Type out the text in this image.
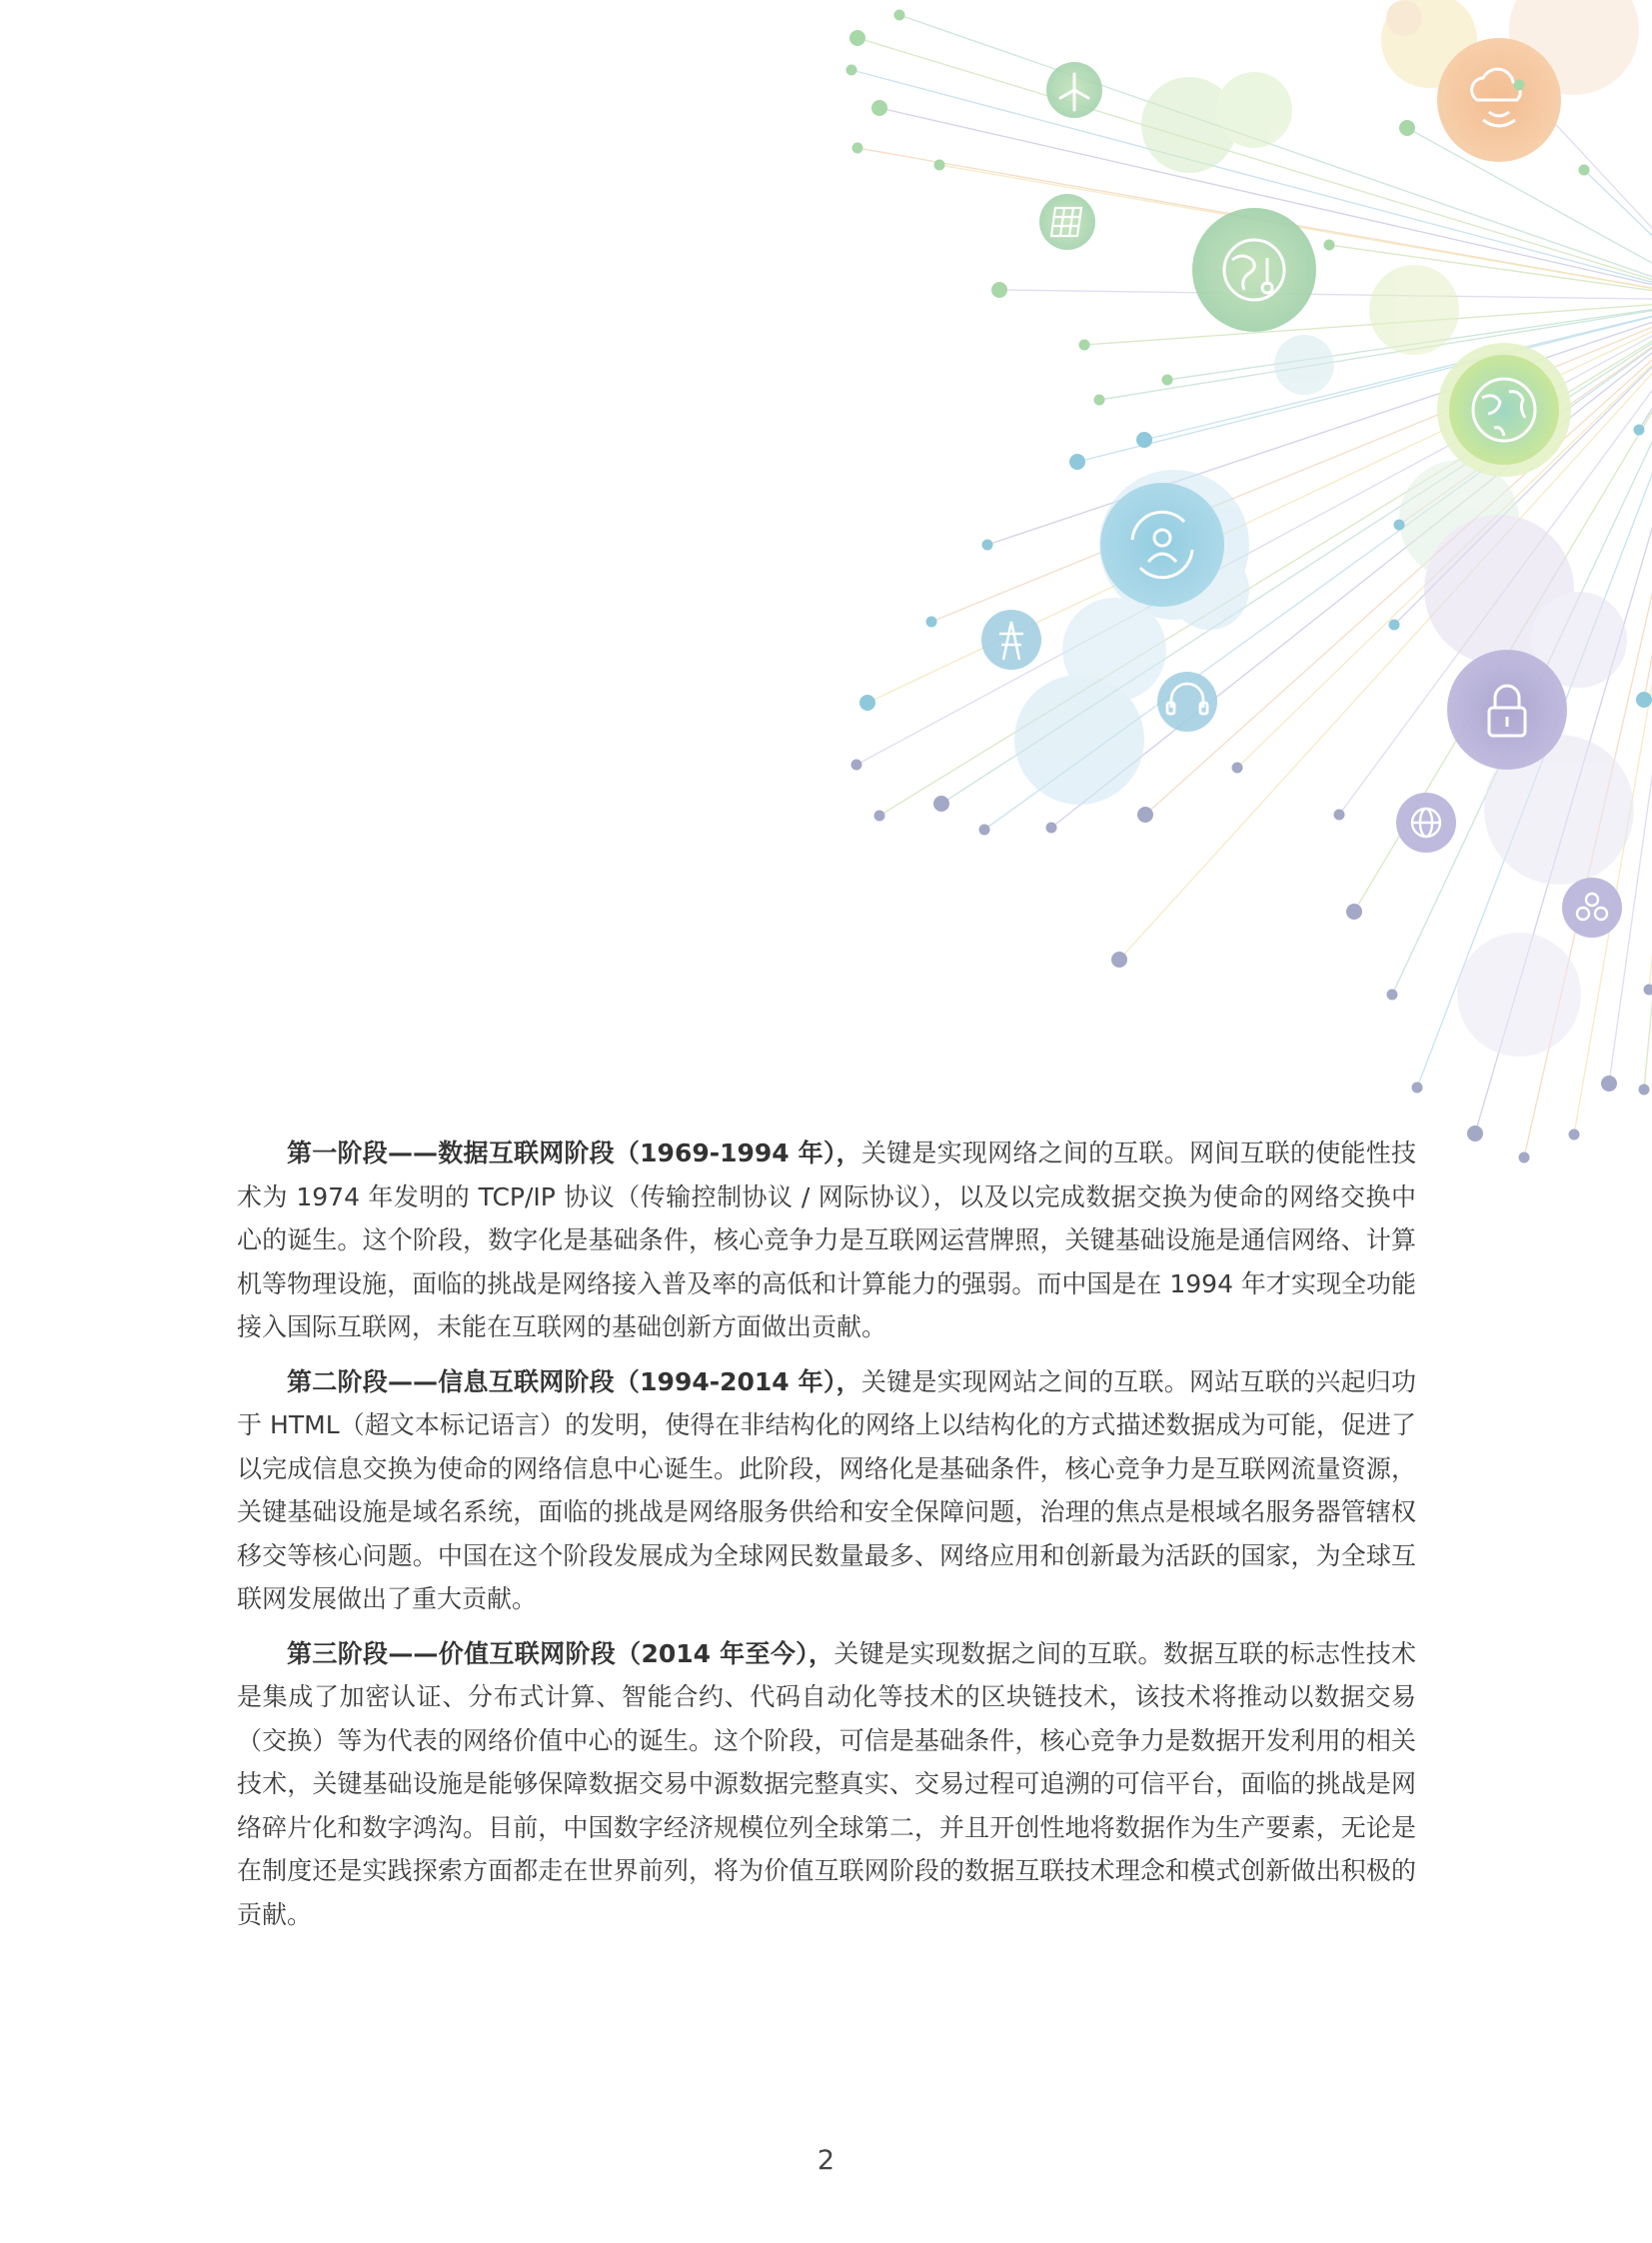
第一阶段——数据互联网阶段（1969-1994 年），关键是实现网络之间的互联。网间互联的使能性技术为 1974 年发明的 TCP/IP 协议（传输控制协议 / 网际协议），以及以完成数据交换为使命的网络交换中心的诞生。这个阶段，数字化是基础条件，核心竞争力是互联网运营牌照，关键基础设施是通信网络、计算机等物理设施，面临的挑战是网络接入普及率的高低和计算能力的强弱。而中国是在 1994 年才实现全功能接入国际互联网，未能在互联网的基础创新方面做出贡献。

第二阶段——信息互联网阶段（1994-2014 年），关键是实现网站之间的互联。网站互联的兴起归功于 HTML（超文本标记语言）的发明，使得在非结构化的网络上以结构化的方式描述数据成为可能，促进了以完成信息交换为使命的网络信息中心诞生。此阶段，网络化是基础条件，核心竞争力是互联网流量资源，关键基础设施是域名系统，面临的挑战是网络服务供给和安全保障问题，治理的焦点是根域名服务器管辖权移交等核心问题。中国在这个阶段发展成为全球网民数量最多、网络应用和创新最为活跃的国家，为全球互联网发展做出了重大贡献。

第三阶段——价值互联网阶段（2014 年至今），关键是实现数据之间的互联。数据互联的标志性技术是集成了加密认证、分布式计算、智能合约、代码自动化等技术的区块链技术，该技术将推动以数据交易（交换）等为代表的网络价值中心的诞生。这个阶段，可信是基础条件，核心竞争力是数据开发利用的相关技术，关键基础设施是能够保障数据交易中源数据完整真实、交易过程可追溯的可信平台，面临的挑战是网络碎片化和数字鸿沟。目前，中国数字经济规模位列全球第二，并且开创性地将数据作为生产要素，无论是在制度还是实践探索方面都走在世界前列，将为价值互联网阶段的数据互联技术理念和模式创新做出积极的贡献。

2
